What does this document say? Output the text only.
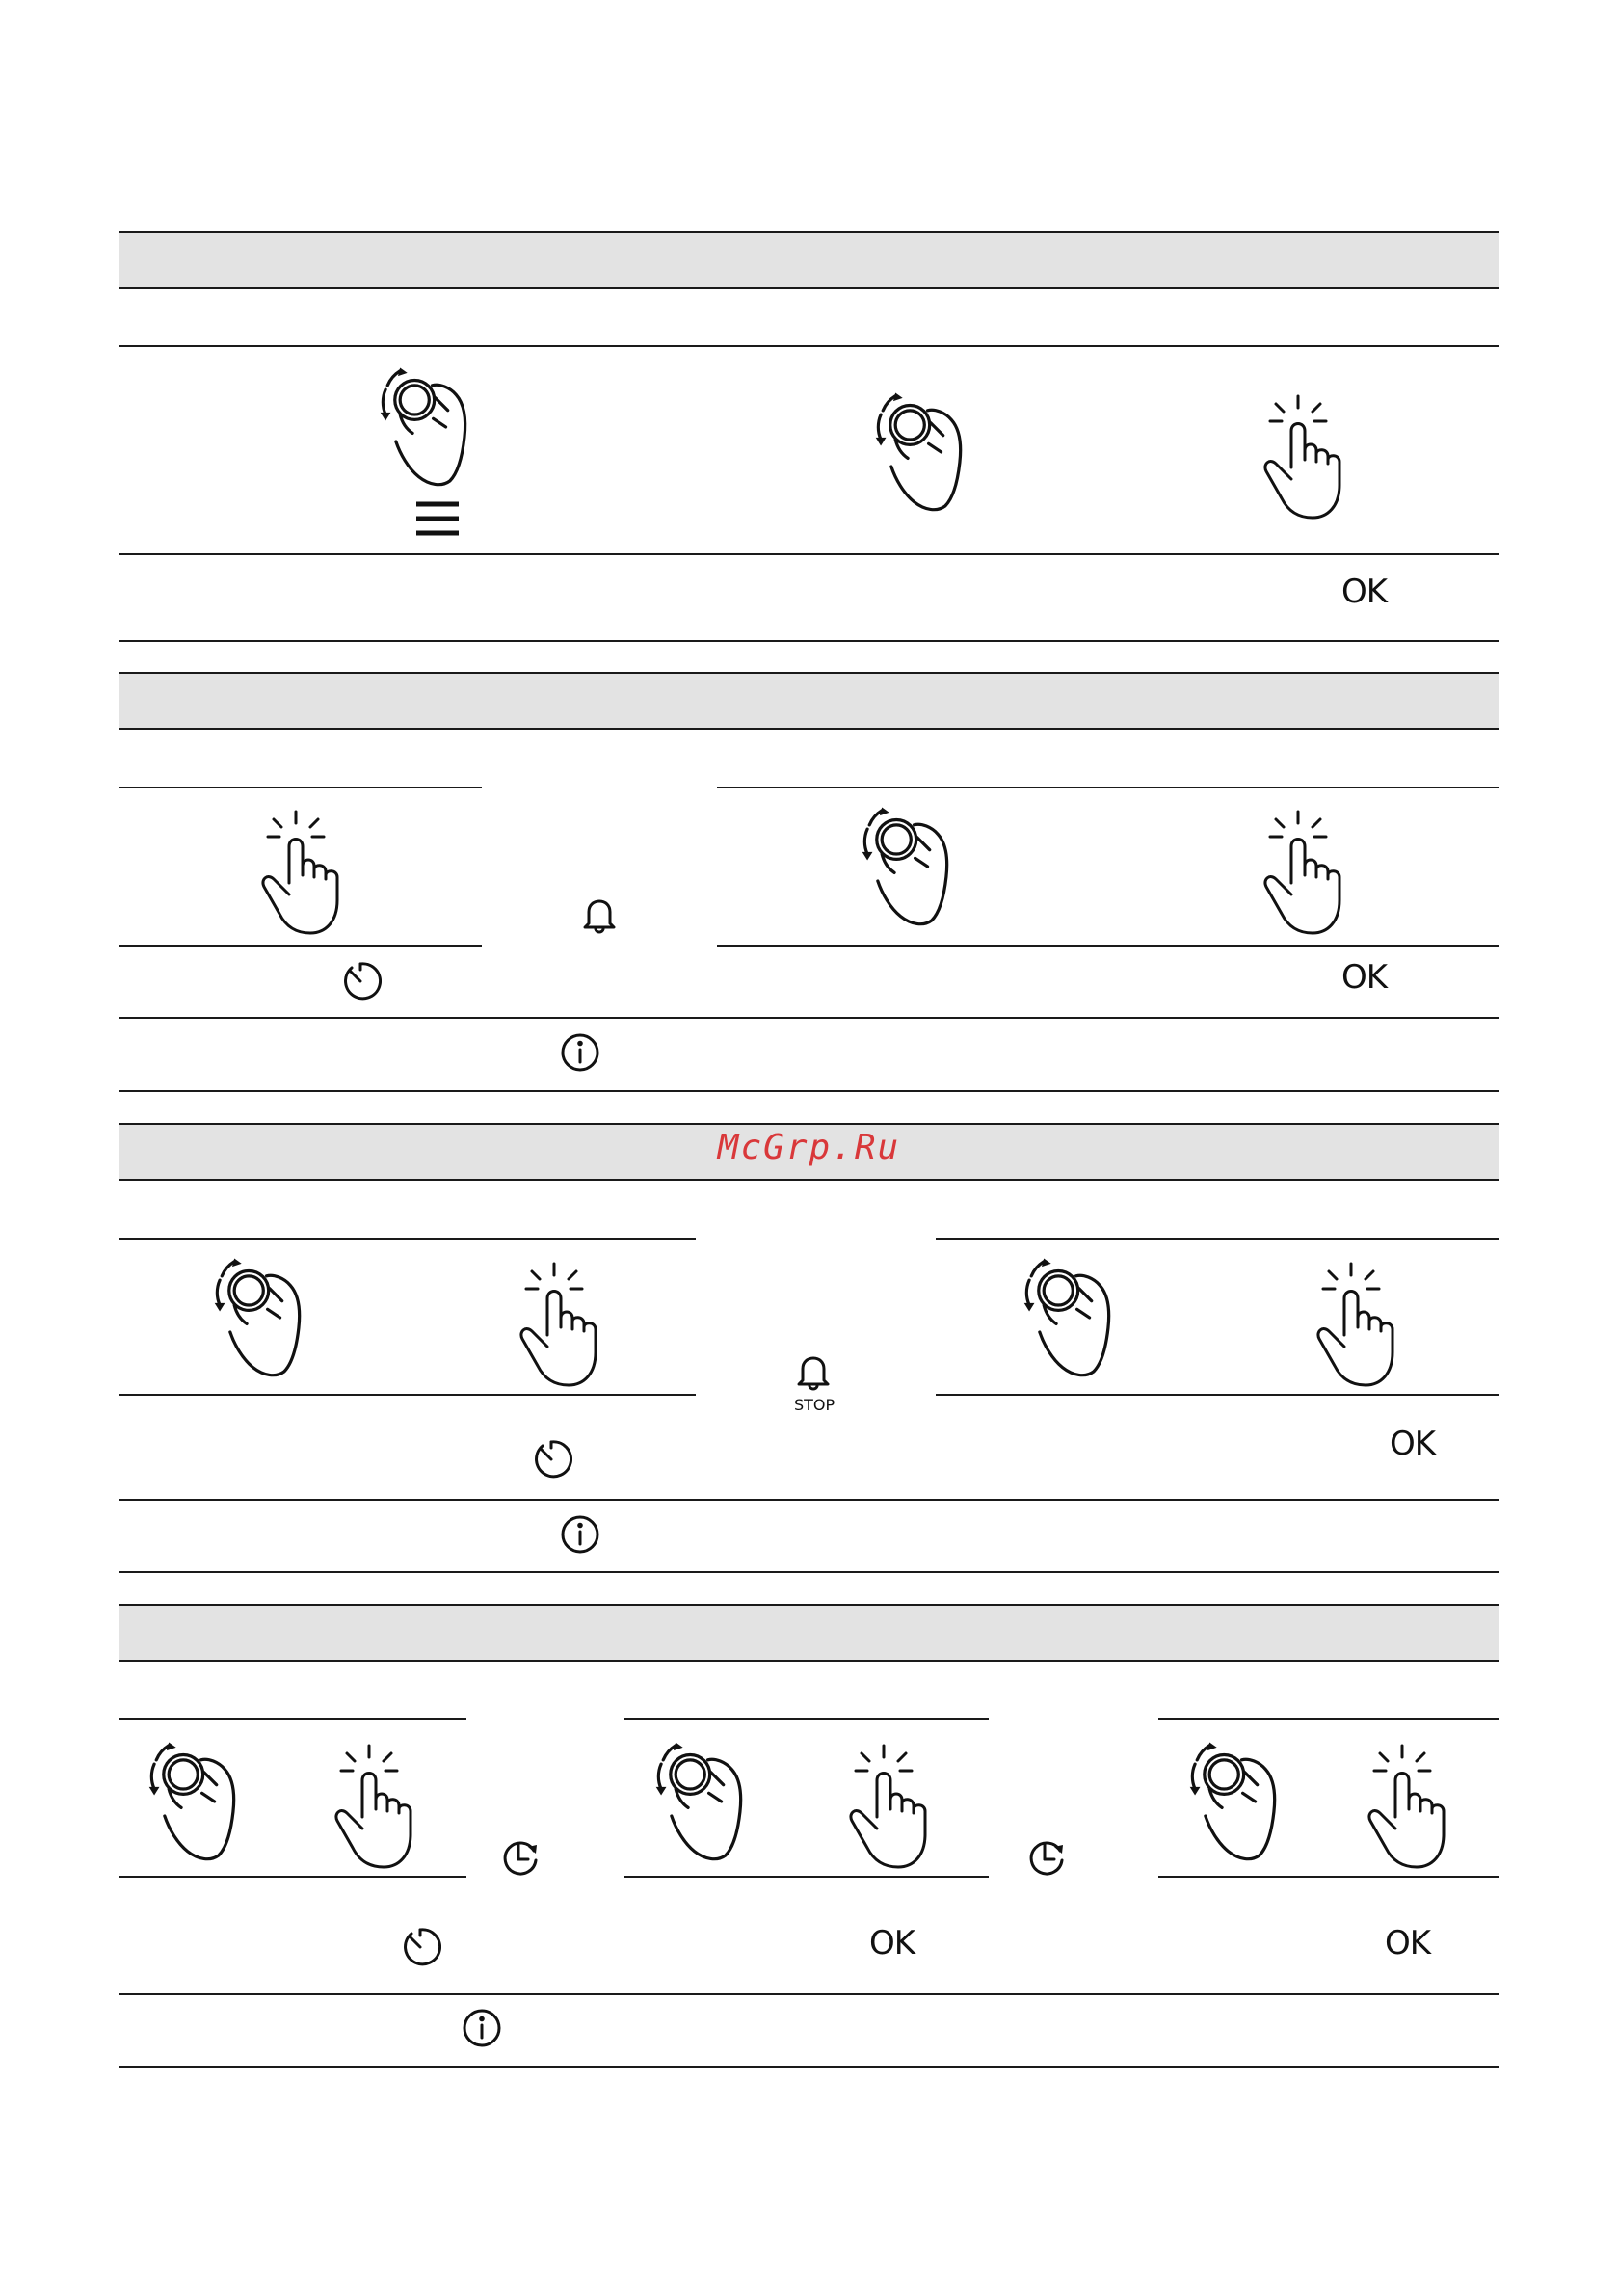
OK
OK
McGrp.Ru
STOP
OK
OK	OK
